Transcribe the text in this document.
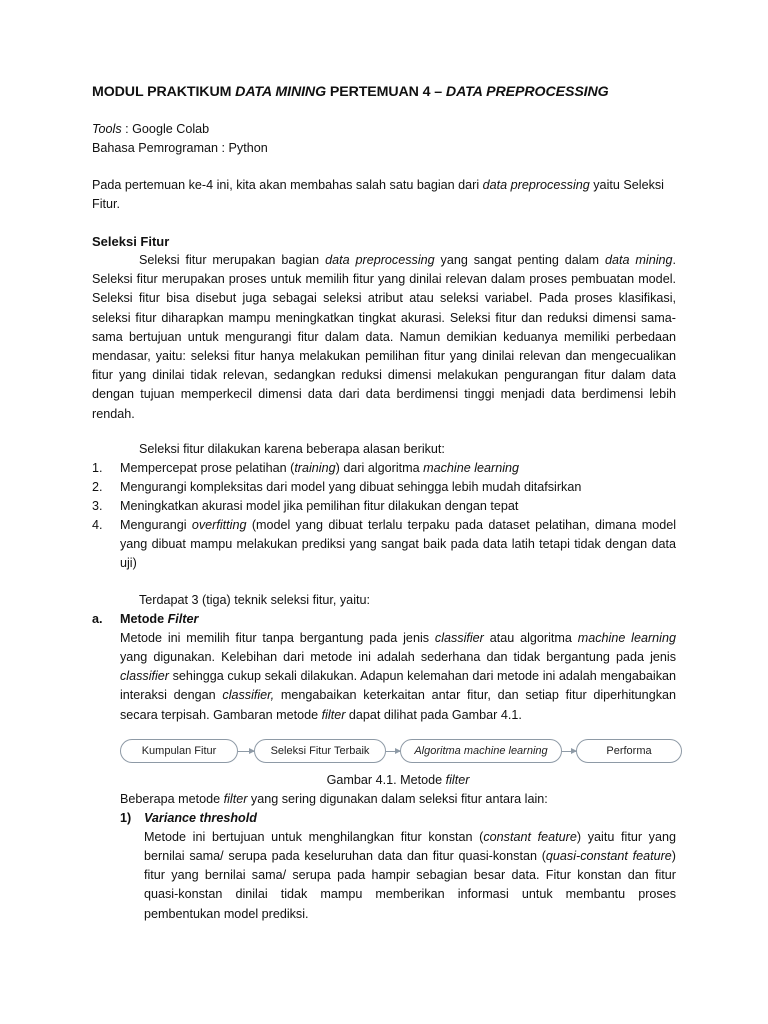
MODUL PRAKTIKUM DATA MINING PERTEMUAN 4 – DATA PREPROCESSING

Tools : Google Colab

Bahasa Pemrograman : Python

Pada pertemuan ke-4 ini, kita akan membahas salah satu bagian dari data preprocessing yaitu Seleksi Fitur.

Seleksi Fitur

Seleksi fitur merupakan bagian data preprocessing yang sangat penting dalam data mining. Seleksi fitur merupakan proses untuk memilih fitur yang dinilai relevan dalam proses pembuatan model. Seleksi fitur bisa disebut juga sebagai seleksi atribut atau seleksi variabel. Pada proses klasifikasi, seleksi fitur diharapkan mampu meningkatkan tingkat akurasi. Seleksi fitur dan reduksi dimensi sama-sama bertujuan untuk mengurangi fitur dalam data. Namun demikian keduanya memiliki perbedaan mendasar, yaitu: seleksi fitur hanya melakukan pemilihan fitur yang dinilai relevan dan mengecualikan fitur yang dinilai tidak relevan, sedangkan reduksi dimensi melakukan pengurangan fitur dalam data dengan tujuan memperkecil dimensi data dari data berdimensi tinggi menjadi data berdimensi lebih rendah.

Seleksi fitur dilakukan karena beberapa alasan berikut:

1. Mempercepat prose pelatihan (training) dari algoritma machine learning
2. Mengurangi kompleksitas dari model yang dibuat sehingga lebih mudah ditafsirkan
3. Meningkatkan akurasi model jika pemilihan fitur dilakukan dengan tepat
4. Mengurangi overfitting (model yang dibuat terlalu terpaku pada dataset pelatihan, dimana model yang dibuat mampu melakukan prediksi yang sangat baik pada data latih tetapi tidak dengan data uji)

Terdapat 3 (tiga) teknik seleksi fitur, yaitu:

a. Metode Filter

Metode ini memilih fitur tanpa bergantung pada jenis classifier atau algoritma machine learning yang digunakan. Kelebihan dari metode ini adalah sederhana dan tidak bergantung pada jenis classifier sehingga cukup sekali dilakukan. Adapun kelemahan dari metode ini adalah mengabaikan interaksi dengan classifier, mengabaikan keterkaitan antar fitur, dan setiap fitur diperhitungkan secara terpisah. Gambaran metode filter dapat dilihat pada Gambar 4.1.

Kumpulan Fitur	Seleksi Fitur Terbaik	Algoritma machine learning	Performa

Gambar 4.1. Metode filter

Beberapa metode filter yang sering digunakan dalam seleksi fitur antara lain:

1) Variance threshold

Metode ini bertujuan untuk menghilangkan fitur konstan (constant feature) yaitu fitur yang bernilai sama/ serupa pada keseluruhan data dan fitur quasi-konstan (quasi-constant feature) fitur yang bernilai sama/ serupa pada hampir sebagian besar data. Fitur konstan dan fitur quasi-konstan dinilai tidak mampu memberikan informasi untuk membantu proses pembentukan model prediksi.
